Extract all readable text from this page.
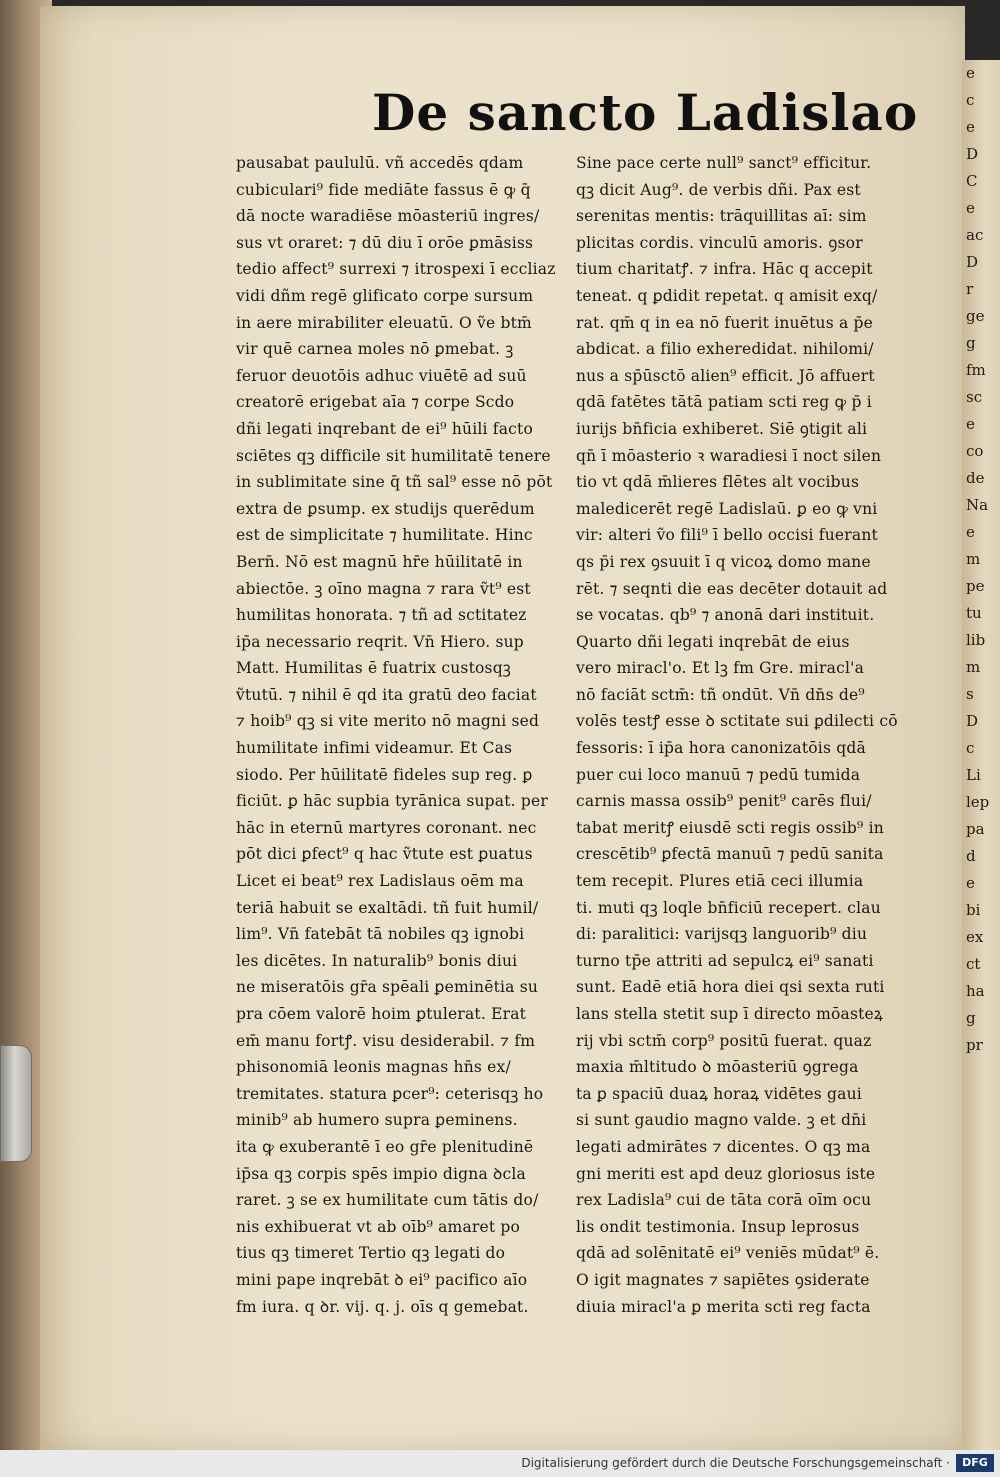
e
c
e
D
C
e
ac
D
r
ge
g
fm
sc
e
co
de
Na
e
m
pe
tu
lib
m
s
D
c
Li
lep
pa
d
e
bi
ex
ct
ha
g
pr
De sancto Ladislao
pausabat paululū. vñ accedēs qdam
cubiculari⁹ fide mediāte fassus ē ꝙ q̄
dā nocte waradiēse mōasteriū ingres/
sus vt oraret: ⁊ dū diu ī orōe ꝑmāsiss
tedio affect⁹ surrexi ⁊ itrospexi ī eccliaz
vidi dñm regē glificato corpe sursum
in aere mirabiliter eleuatū. O ṽe btm̄
vir quē carnea moles nō ꝑmebat. ꝫ
feruor deuotōis adhuc viuētē ad suū
creatorē erigebat aīa ⁊ corpe Scdo
dñi legati inqrebant de ei⁹ hūili facto
sciētes qꝫ difficile sit humilitatē tenere
in sublimitate sine q̄ tñ sal⁹ esse nō pōt
extra de ꝑsump. ex studijs querēdum
est de simplicitate ⁊ humilitate. Hinc
Bern̄. Nō est magnū hr̄e hūilitatē in
abiectōe. ꝫ oīno magna ⁊ rara ṽt⁹ est
humilitas honorata. ⁊ tñ ad sctitatez
ip̄a necessario reqrit. Vn̄ Hiero. sup
Matt. Humilitas ē fuatrix custosqꝫ
ṽtutū. ⁊ nihil ē qd ita gratū deo faciat
⁊ hoib⁹ qꝫ si vite merito nō magni sed
humilitate infimi videamur. Et Cas
siodo. Per hūilitatē fideles sup reg. ꝑ
ficiūt. ꝑ hāc supbia tyrānica supat. per
hāc in eternū martyres coronant. nec
pōt dici ꝑfect⁹ q hac ṽtute est ꝑuatus
Licet ei beat⁹ rex Ladislaus oēm ma
teriā habuit se exaltādi. tñ fuit humil/
lim⁹. Vn̄ fatebāt tā nobiles qꝫ ignobi
les dicētes. In naturalib⁹ bonis diui
ne miseratōis gr̄a spēali ꝑeminētia su
pra cōem valorē hoim ꝑtulerat. Erat
em̄ manu fortꝭ. visu desiderabil. ⁊ fm
phisonomiā leonis magnas hn̄s ex/
tremitates. statura ꝑcer⁹: ceterisqꝫ ho
minib⁹ ab humero supra ꝑeminens.
ita ꝙ exuberantē ī eo gr̄e plenitudinē
ip̄sa qꝫ corpis spēs impio digna ꝺcla
raret. ꝫ se ex humilitate cum tātis do/
nis exhibuerat vt ab oīb⁹ amaret po
tius qꝫ timeret Tertio qꝫ legati do
mini pape inqrebāt ꝺ ei⁹ pacifico aīo
fm iura. q ꝺr. vij. q. j. oīs q gemebat.
Sine pace certe null⁹ sanct⁹ efficitur.
qꝫ dicit Aug⁹. de verbis dñi. Pax est
serenitas mentis: trāquillitas aī: sim
plicitas cordis. vinculū amoris. ꝯsor
tium charitatꝭ. ⁊ infra. Hāc q accepit
teneat. q ꝑdidit repetat. q amisit exq/
rat. qm̄ q in ea nō fuerit inuētus a p̄e
abdicat. a filio exheredidat. nihilomi/
nus a sp̄ūsctō alien⁹ efficit. Jō affuert
qdā fatētes tātā patiam scti reg ꝙ p̄ i
iurijs bn̄ficia exhiberet. Siē ꝯtigit ali
qn̄ ī mōasterio ꝛ waradiesi ī noct silen
tio vt qdā m̄lieres flētes alt vocibus
maledicerēt regē Ladislaū. ꝑ eo ꝙ vni
vir: alteri ṽo fili⁹ ī bello occisi fuerant
qs p̄i rex ꝯsuuit ī q vicoꝝ domo mane
rēt. ⁊ seqnti die eas decēter dotauit ad
se vocatas. qb⁹ ⁊ anonā dari instituit.
Quarto dñi legati inqrebāt de eius
vero miracl'o. Et lꝫ fm Gre. miracl'a
nō faciāt sctm̄: tñ ondūt. Vn̄ dn̄s de⁹
volēs testꝭ esse ꝺ sctitate sui ꝑdilecti cō
fessoris: ī ip̄a hora canonizatōis qdā
puer cui loco manuū ⁊ pedū tumida
carnis massa ossib⁹ penit⁹ carēs flui/
tabat meritꝭ eiusdē scti regis ossib⁹ in
crescētib⁹ ꝑfectā manuū ⁊ pedū sanita
tem recepit. Plures etiā ceci illumia
ti. muti qꝫ loqle bn̄ficiū recepert. clau
di: paralitici: varijsqꝫ languorib⁹ diu
turno tp̄e attriti ad sepulcꝝ ei⁹ sanati
sunt. Eadē etiā hora diei qsi sexta ruti
lans stella stetit sup ī directo mōasteꝝ
rij vbi sctm̄ corp⁹ positū fuerat. quaz
maxia m̄ltitudo ꝺ mōasteriū ꝯgrega
ta ꝑ spaciū duaꝝ horaꝝ vidētes gaui
si sunt gaudio magno valde. ꝫ et dn̄i
legati admirātes ⁊ dicentes. O qꝫ ma
gni meriti est apd deuz gloriosus iste
rex Ladisla⁹ cui de tāta corā oīm ocu
lis ondit testimonia. Insup leprosus
qdā ad solēnitatē ei⁹ veniēs mūdat⁹ ē.
O igit magnates ⁊ sapiētes ꝯsiderate
diuia miracl'a ꝑ merita scti reg facta
Digitalisierung gefördert durch die Deutsche Forschungsgemeinschaft ·	DFG
